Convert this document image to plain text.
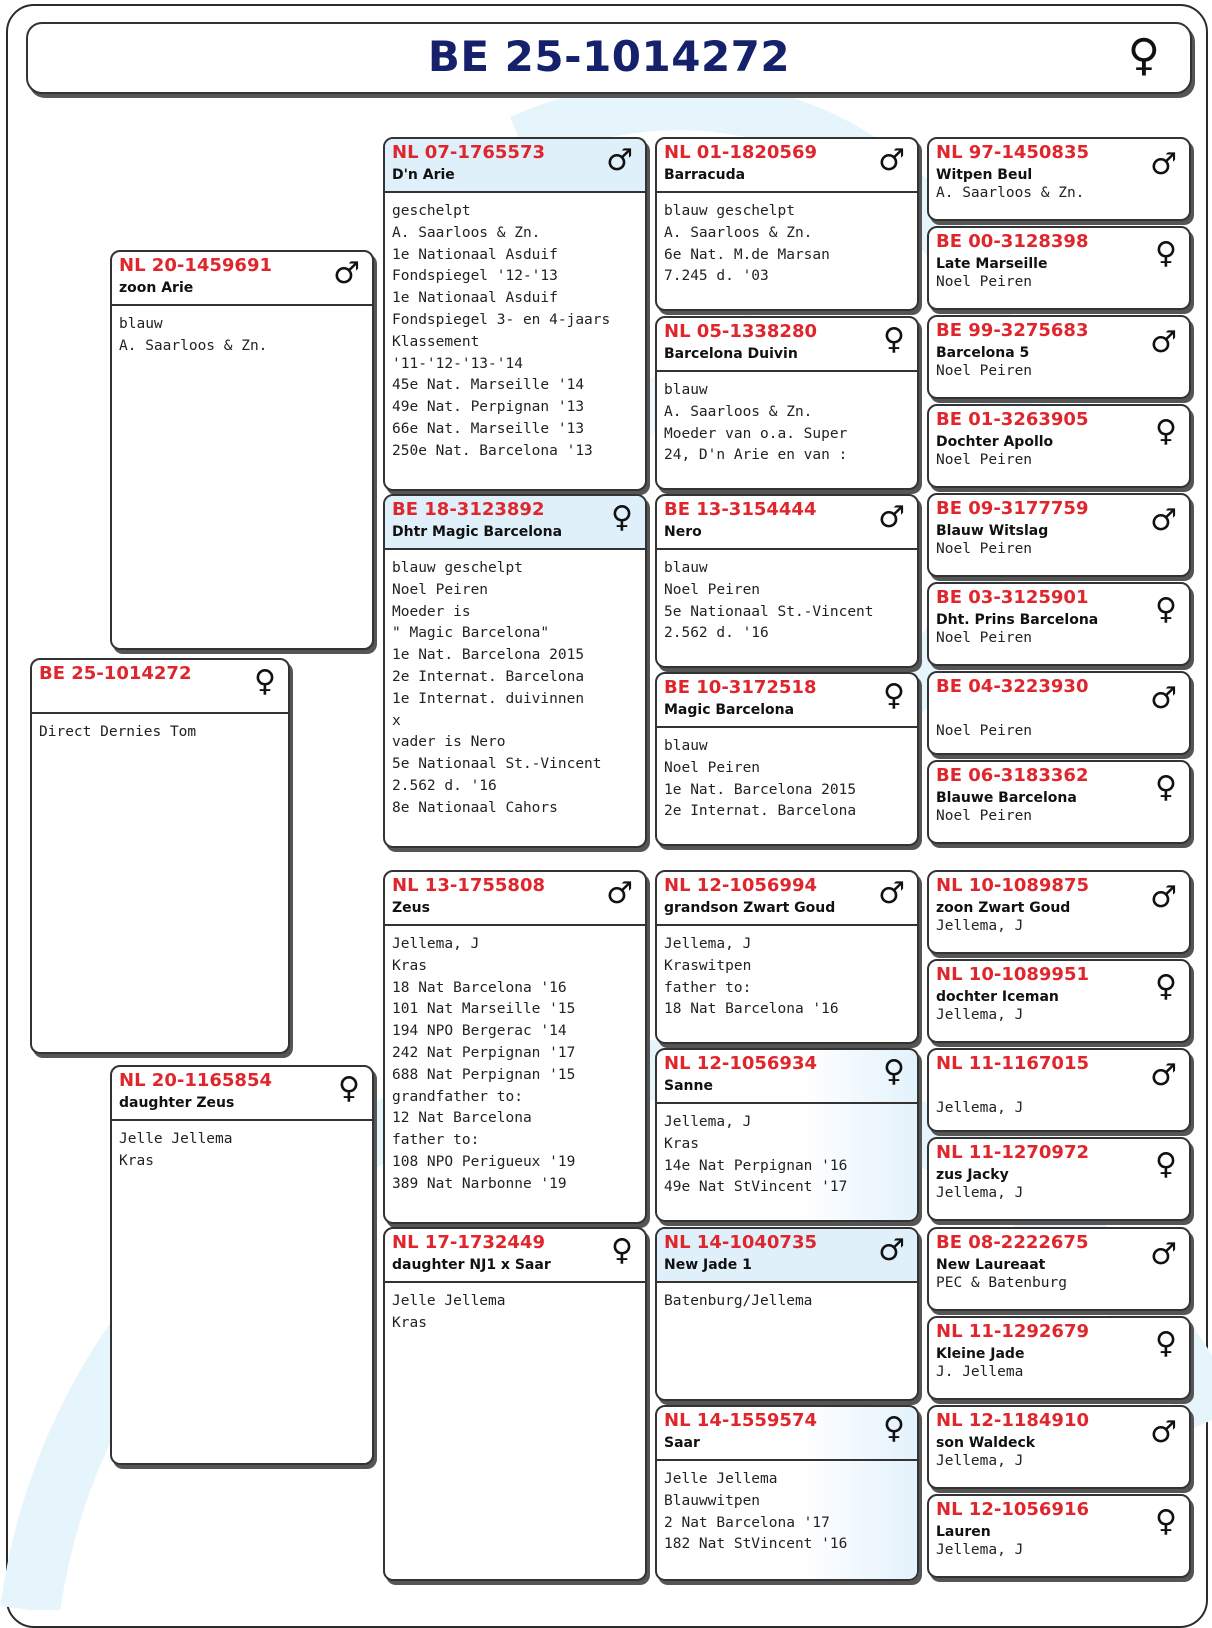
BE 25-1014272	♀
BE 25-1014272 ♀
Direct Dernies Tom
NL 20-1459691
zoon Arie	♂
blauw
A. Saarloos & Zn.
NL 20-1165854
daughter Zeus	♀
Jelle Jellema
Kras
NL 07-1765573
D'n Arie	♂
geschelpt
A. Saarloos & Zn.
1e Nationaal Asduif
Fondspiegel '12-'13
1e Nationaal Asduif
Fondspiegel 3- en 4-jaars
Klassement
'11-'12-'13-'14
45e Nat. Marseille '14
49e Nat. Perpignan '13
66e Nat. Marseille '13
250e Nat. Barcelona '13
BE 18-3123892
Dhtr Magic Barcelona ♀
blauw geschelpt
Noel Peiren
Moeder is
" Magic Barcelona"
1e Nat. Barcelona 2015
2e Internat. Barcelona
1e Internat. duivinnen
x
vader is Nero
5e Nationaal St.-Vincent
2.562 d. '16
8e Nationaal Cahors
NL 13-1755808
Zeus	♂
Jellema, J
Kras
18 Nat Barcelona '16
101 Nat Marseille '15
194 NPO Bergerac '14
242 Nat Perpignan '17
688 Nat Perpignan '15
grandfather to:
12 Nat Barcelona
father to:
108 NPO Perigueux '19
389 Nat Narbonne '19
NL 17-1732449
daughter NJ1 x Saar ♀
Jelle Jellema
Kras
NL 01-1820569
Barracuda	♂
blauw geschelpt
A. Saarloos & Zn.
6e Nat. M.de Marsan
7.245 d. '03
NL 05-1338280
Barcelona Duivin	♀
blauw
A. Saarloos & Zn.
Moeder van o.a. Super
24, D'n Arie en van :
BE 13-3154444
Nero	♂
blauw
Noel Peiren
5e Nationaal St.-Vincent
2.562 d. '16
BE 10-3172518
Magic Barcelona	♀
blauw
Noel Peiren
1e Nat. Barcelona 2015
2e Internat. Barcelona
NL 12-1056994
grandson Zwart Goud ♂
Jellema, J
Kraswitpen
father to:
18 Nat Barcelona '16
NL 12-1056934
Sanne	♀
Jellema, J
Kras
14e Nat Perpignan '16
49e Nat StVincent '17
NL 14-1040735
New Jade 1	♂
Batenburg/Jellema
NL 14-1559574
Saar	♀
Jelle Jellema
Blauwwitpen
2 Nat Barcelona '17
182 Nat StVincent '16
NL 97-1450835
Witpen Beul
A. Saarloos & Zn.
♂
BE 00-3128398
Late Marseille
Noel Peiren
♀
BE 99-3275683
Barcelona 5
Noel Peiren
♂
BE 01-3263905
Dochter Apollo
Noel Peiren
♀
BE 09-3177759
Blauw Witslag
Noel Peiren
♂
BE 03-3125901
Dht. Prins Barcelona
Noel Peiren
♀
BE 04-3223930
Noel Peiren
♂
BE 06-3183362
Blauwe Barcelona
Noel Peiren
♀
NL 10-1089875
zoon Zwart Goud
Jellema, J
♂
NL 10-1089951
dochter Iceman
Jellema, J
♀
NL 11-1167015
Jellema, J
♂
NL 11-1270972
zus Jacky
Jellema, J
♀
BE 08-2222675
New Laureaat
PEC & Batenburg
♂
NL 11-1292679
Kleine Jade
J. Jellema
♀
NL 12-1184910
son Waldeck
Jellema, J
♂
NL 12-1056916
Lauren
Jellema, J
♀
